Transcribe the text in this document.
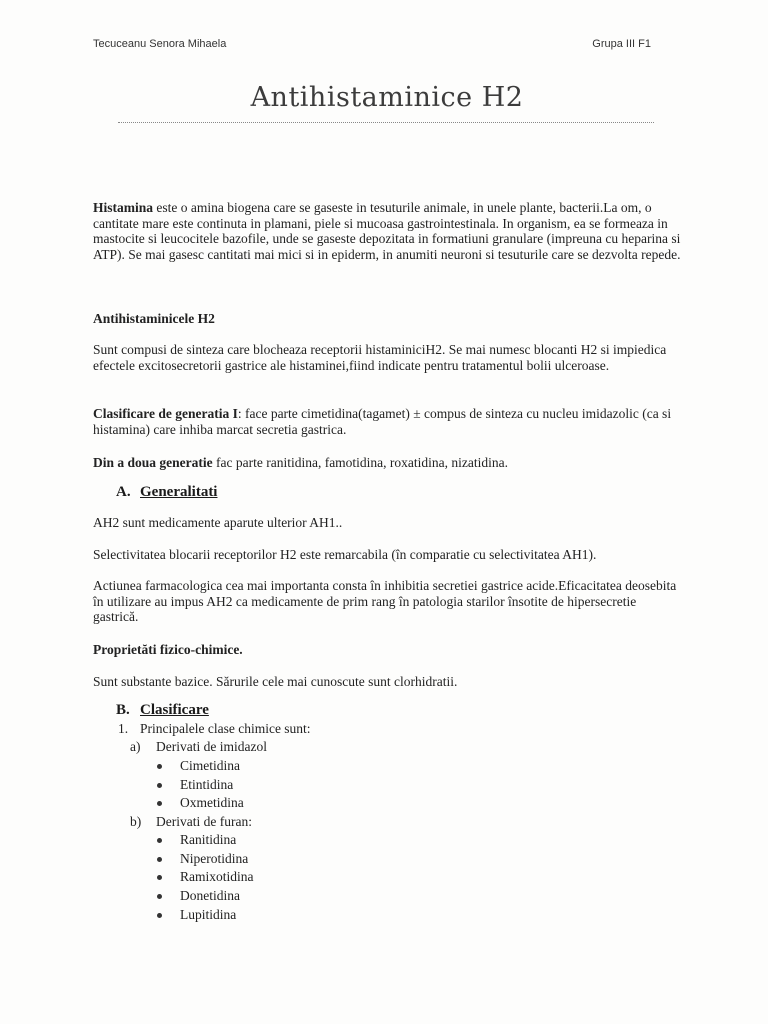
Tecuceanu Senora Mihaela	Grupa III F1
Antihistaminice H2
Histamina este o amina biogena care se gaseste in tesuturile animale, in unele plante, bacterii.La om, o cantitate mare este continuta in plamani, piele si mucoasa gastrointestinala. In organism, ea se formeaza in mastocite si leucocitele bazofile, unde se gaseste depozitata in formatiuni granulare (impreuna cu heparina si ATP). Se mai gasesc cantitati mai mici si in epiderm, in anumiti neuroni si tesuturile care se dezvolta repede.
Antihistaminicele H2
Sunt compusi de sinteza care blocheaza receptorii histaminiciH2. Se mai numesc blocanti H2 si impiedica efectele excitosecretorii gastrice ale histaminei,fiind indicate pentru tratamentul bolii ulceroase.
Clasificare de generatia I: face parte cimetidina(tagamet) ± compus de sinteza cu nucleu imidazolic (ca si histamina) care inhiba marcat secretia gastrica.
Din a doua generatie fac parte ranitidina, famotidina, roxatidina, nizatidina.
A. Generalitati
AH2 sunt medicamente aparute ulterior AH1..
Selectivitatea blocarii receptorilor H2 este remarcabila (în comparatie cu selectivitatea AH1).
Actiunea farmacologica cea mai importanta consta în inhibitia secretiei gastrice acide.Eficacitatea deosebita în utilizare au impus AH2 ca medicamente de prim rang în patologia starilor însotite de hipersecretie gastrică.
Proprietăti fizico-chimice.
Sunt substante bazice. Sărurile cele mai cunoscute sunt clorhidratii.
B. Clasificare
1. Principalele clase chimice sunt:
a) Derivati de imidazol
Cimetidina
Etintidina
Oxmetidina
b) Derivati de furan:
Ranitidina
Niperotidina
Ramixotidina
Donetidina
Lupitidina
